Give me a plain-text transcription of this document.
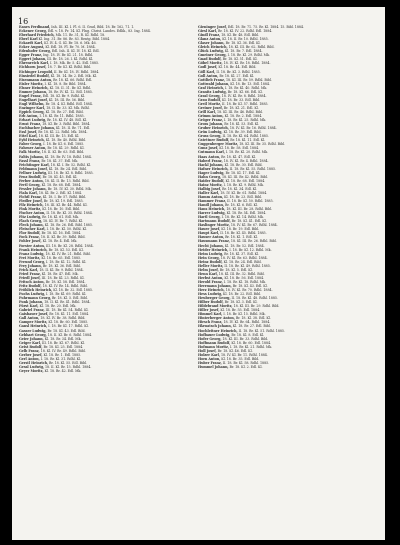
16

Eanes Ferdinand, Inh. III. Kl. I. Fl. 6. II. Grad, Bibl. 18. Br. 162, 71. 1.

Eckener Georg, Edl. v. 18. Pr. 14. Kl. Flng. Christ. Landes. Edlik., 83. Ing. 1884.

Eberhard Friedrich, Mk. 11. Br. 31, R. Kl. Rdhl. 18.

Eberl Karl Kl. Ing. 31. Br. 86. Br. 83. Rentg. Bibl. 1884.

Eckardt Karl, Kl. IV. 4. G. Kl. Br. 18. 6. Mk. 46.

Ecker August, Kl. Edl. 18. Fl. Br. 70. M. 1884.

Edenhofer Georg, Edl. Inh. II. Kl. IV. 18. Kl. Edl.

Egger Franz, Ing. 18. IV. Br. Kl. 21. 18. Rdhl.

Eggert Johann, III. Br. 18. 26. I. Kl. Rdhl. Kl.

Ehrenreich Karl, I. 18. Mk. Br. 5. 42. Edl. 1885.

Eichhorn Josef, 18. 7. Br. Kl. Kl. Rdhl. Bibl.

Eichinger Leopold, II. Br. Kl. 18. IV. Rdhl. 1884.

Einsiedel Rudolf, Kl. 18. 14. Br. 2. Edl. Mk. Kl.

Eisenmann Anton, Br. 18. Kl. 66. Rdhl. Edl.

Eisler Moritz, I. Kl. 18. 8. Br. Bibl. 1884.

Elsner Heinrich, Kl. 18. II. 31. Br. Kl. Rdhl.

Emmer Johann, 18. Br. IV. Kl. 12. Edl. 1885.

Engel Franz, Edl. 18. Kl. Br. 9. Rdhl. Kl.

Engelhart Josef, Kl. 18. III. Br. 56. Bibl.

Engl Wilhelm, Br. 18. 4. Kl. Rdhl. Edl. 1884.

Enzinger Karl, 18. II. Br. 33. Kl. Mk. Rdhl.

Eppich Georg, Kl. 18. Br. 27. Edl. Bibl.

Erb Anton, I. 18. Kl. Br. 11. Rdhl. 1885.

Erhart Ludwig, Br. 18. Kl. IV. 48. Edl. Kl.

Ernst Franz, 18. Kl. Br. 3. Rdhl. Bibl. 1884.

Eschbacher Johann, Kl. 18. II. Br. 71. Edl.

Essl Josef, Br. 18. Kl. 22. Rdhl. Mk. 1884.

Ettel Karl, 18. Kl. III. Br. 15. Edl. Kl.

Eybl Heinrich, Kl. 18. Br. 40. Rdhl. Bibl.

Faber Georg, I. 18. Br. Kl. 6. Edl. 1885.

Fahrner Anton, Br. 18. Kl. 29. Rdhl. Kl.

Falk Moritz, 18. II. Kl. Br. 63. Edl. Bibl.

Faltis Johann, Kl. 18. Br. IV. 18. Rdhl. 1884.

Fassl Franz, Br. 18. Kl. 37. Edl. Mk.

Feichtinger Karl, 18. Kl. I. Br. 52. Rdhl. Kl.

Feldmann Josef, Kl. 18. Br. 24. Edl. Bibl.

Fellner Ludwig, III. 18. Br. Kl. 8. Rdhl. 1885.

Fenz Rudolf, Br. 18. Kl. 45. Edl. Kl.

Ferber Anton, 18. Kl. II. Br. 13. Rdhl. Bibl.

Fertl Georg, Kl. 18. Br. 68. Edl. 1884.

Fessler Johann, Br. 18. IV. Kl. 30. Rdhl. Mk.

Fiala Karl, 18. Kl. Br. 2. Edl. Kl. 1884.

Fichtl Franz, Kl. 18. I. Br. 57. Rdhl. Bibl.

Fiedler Josef, Br. 18. Kl. 19. Edl. 1885.

Filz Heinrich, 18. III. Kl. Br. 44. Rdhl. Kl.

Fink Moritz, Kl. 18. Br. 10. Edl. Bibl.

Fischer Anton, II. 18. Br. Kl. 35. Rdhl. 1884.

Fitz Ludwig, Br. 18. Kl. 61. Edl. Mk.

Flach Georg, 18. Kl. IV. Br. 7. Rdhl. Kl.

Fleck Johann, Kl. 18. Br. 26. Edl. Bibl. 1885.

Fleischer Karl, I. 18. Br. Kl. 50. Rdhl. Kl.

Flor Rudolf, Br. 18. Kl. 16. Edl. 1884.

Fock Franz, 18. II. Kl. Br. 39. Rdhl. Bibl.

Fohler Josef, Kl. 18. Br. 4. Edl. Mk.

Forster Anton, III. 18. Br. Kl. 28. Rdhl. 1884.

Frank Heinrich, Br. 18. Kl. 53. Edl. Kl.

Franz Ludwig, 18. Kl. IV. Br. 21. Rdhl. Bibl.

Frei Moritz, Kl. 18. Br. 65. Edl. 1885.

Freund Georg, I. 18. Br. Kl. 12. Rdhl. Kl.

Frey Johann, Br. 18. Kl. 36. Edl. Bibl.

Frick Karl, 18. II. Kl. Br. 9. Rdhl. 1884.

Fried Franz, Kl. 18. Br. 47. Edl. Mk.

Friedl Josef, III. 18. Br. Kl. 23. Rdhl. Kl.

Fritsch Anton, Br. 18. Kl. 58. Edl. 1884.

Fritz Rudolf, 18. Kl. IV. Br. 14. Rdhl. Bibl.

Fröhlich Heinrich, Kl. 18. Br. 32. Edl. 1885.

Fuchs Ludwig, I. 18. Br. Kl. 69. Rdhl. Kl.

Fuhrmann Georg, Br. 18. Kl. 5. Edl. Bibl.

Funk Johann, 18. II. Kl. Br. 41. Rdhl. 1884.

Fürst Karl, Kl. 18. Br. 20. Edl. Mk.

Gabriel Franz, III. 18. Br. Kl. 54. Rdhl. Kl.

Gaisbauer Josef, Br. 18. Kl. 11. Edl. 1884.

Gall Anton, 18. Kl. IV. Br. 38. Rdhl. Bibl.

Gamper Moritz, Kl. 18. Br. 60. Edl. 1885.

Gansl Heinrich, I. 18. Br. Kl. 17. Rdhl. Kl.

Gasser Ludwig, Br. 18. Kl. 43. Edl. Bibl.

Gebhart Georg, 18. II. Kl. Br. 6. Rdhl. 1884.

Geier Johann, Kl. 18. Br. 34. Edl. Mk.

Geiger Karl, III. 18. Br. Kl. 67. Rdhl. Kl.

Geist Rudolf, Br. 18. Kl. 25. Edl. 1884.

Gelb Franz, 18. Kl. IV. Br. 49. Rdhl. Bibl.

Gerber Josef, Kl. 18. Br. 1. Edl. 1885.

Gerl Anton, I. 18. Br. Kl. 31. Rdhl. Kl.

Gerstl Heinrich, Br. 18. Kl. 55. Edl. Bibl.

Gessl Ludwig, 18. II. Kl. Br. 15. Rdhl. 1884.

Geyer Moritz, Kl. 18. Br. 42. Edl. Mk.

Gieninger Josef, Edl. 18. Br. 71. 75. Br. Kl. 1884. 15. Bibl. 1884.

Giesl Karl, Br. 18. Kl. IV. 22. Rdhl. Edl. 1884.

Gindl Franz, 18. Kl. Br. 48. Edl. Bibl.

Glanz Anton, Kl. 18. II. Br. 10. Rdhl. 1885.

Glaser Johann, Br. 18. Kl. 36. Edl. Kl.

Gleich Heinrich, 18. Kl. III. Br. 62. Rdhl. Bibl.

Glück Ludwig, Kl. 18. Br. 7. Edl. 1884.

Gmeiner Georg, I. 18. Br. Kl. 29. Rdhl. Mk.

Gnad Rudolf, Br. 18. Kl. 51. Edl. Kl.

Göbel Moritz, 18. IV. Kl. Br. 18. Rdhl. 1884.

Godl Josef, Kl. 18. Br. 44. Edl. Bibl.

Göll Karl, II. 18. Br. Kl. 3. Rdhl. 1885.

Goll Anton, Br. 18. Kl. 27. Edl. Kl.

Gottlieb Franz, 18. Kl. III. Br. 59. Rdhl. Bibl.

Gottwald Johann, Kl. 18. Br. 13. Edl. 1884.

Graf Heinrich, I. 18. Br. Kl. 40. Rdhl. Mk.

Granitz Ludwig, Br. 18. Kl. 66. Edl. Kl.

Grasl Georg, 18. IV. Kl. Br. 8. Rdhl. 1884.

Grau Rudolf, Kl. 18. Br. 33. Edl. Bibl.

Greil Moritz, II. 18. Br. Kl. 57. Rdhl. 1885.

Greiner Josef, Br. 18. Kl. 21. Edl. Kl.

Grill Karl, 18. Kl. III. Br. 46. Rdhl. Bibl.

Grimm Anton, Kl. 18. Br. 2. Edl. 1884.

Gröger Franz, I. 18. Br. Kl. 25. Rdhl. Mk.

Gross Johann, Br. 18. Kl. 53. Edl. Kl.

Gruber Heinrich, 18. IV. Kl. Br. 16. Rdhl. 1884.

Grün Ludwig, Kl. 18. Br. 39. Edl. Bibl.

Gruss Georg, II. 18. Br. Kl. 64. Rdhl. 1885.

Gstettner Rudolf, Br. 18. Kl. 11. Edl. Kl.

Guggenberger Moritz, 18. Kl. III. Br. 35. Rdhl. Bibl.

Gunz Josef, Kl. 18. Br. 58. Edl. 1884.

Gutmann Karl, I. 18. Br. Kl. 20. Rdhl. Mk.

Haas Anton, Br. 18. Kl. 47. Edl. Kl.

Haberl Franz, 18. IV. Kl. Br. 4. Rdhl. 1884.

Hackl Johann, Kl. 18. Br. 30. Edl. Bibl.

Hafner Heinrich, II. 18. Br. Kl. 55. Rdhl. 1885.

Hager Ludwig, Br. 18. Kl. 17. Edl. Kl.

Hahn Georg, 18. Kl. III. Br. 42. Rdhl. Bibl.

Haider Rudolf, Kl. 18. Br. 68. Edl. 1884.

Hainz Moritz, I. 18. Br. Kl. 9. Rdhl. Mk.

Halbig Josef, Br. 18. Kl. 34. Edl. Kl.

Haller Karl, 18. IV. Kl. Br. 61. Rdhl. 1884.

Hamm Anton, Kl. 18. Br. 23. Edl. Bibl.

Hammer Franz, II. 18. Br. Kl. 50. Rdhl. 1885.

Handl Johann, Br. 18. Kl. 6. Edl. Kl.

Hans Heinrich, 18. Kl. III. Br. 28. Rdhl. Bibl.

Harrer Ludwig, Kl. 18. Br. 54. Edl. 1884.

Hartl Georg, I. 18. Br. Kl. 14. Rdhl. Mk.

Hartmann Rudolf, Br. 18. Kl. 41. Edl. Kl.

Haslinger Moritz, 18. IV. Kl. Br. 67. Rdhl. 1884.

Hauer Josef, Kl. 18. Br. 19. Edl. Bibl.

Haupt Karl, II. 18. Br. Kl. 45. Rdhl. 1885.

Hauser Anton, Br. 18. Kl. 1. Edl. Kl.

Hausmann Franz, 18. Kl. III. Br. 26. Rdhl. Bibl.

Hecht Johann, Kl. 18. Br. 52. Edl. 1884.

Heider Heinrich, I. 18. Br. Kl. 12. Rdhl. Mk.

Heim Ludwig, Br. 18. Kl. 37. Edl. Kl.

Hein Georg, 18. IV. Kl. Br. 63. Rdhl. 1884.

Heinz Rudolf, Kl. 18. Br. 24. Edl. Bibl.

Heller Moritz, II. 18. Br. Kl. 49. Rdhl. 1885.

Helm Josef, Br. 18. Kl. 5. Edl. Kl.

Henn Karl, 18. Kl. III. Br. 32. Rdhl. Bibl.

Herbst Anton, Kl. 18. Br. 56. Edl. 1884.

Herold Franz, I. 18. Br. Kl. 18. Rdhl. Mk.

Herrmann Johann, Br. 18. Kl. 43. Edl. Kl.

Herz Heinrich, 18. IV. Kl. Br. 70. Rdhl. 1884.

Hess Ludwig, Kl. 18. Br. 22. Edl. Bibl.

Heuberger Georg, II. 18. Br. Kl. 48. Rdhl. 1885.

Hilber Rudolf, Br. 18. Kl. 3. Edl. Kl.

Hildebrand Moritz, 18. Kl. III. Br. 29. Rdhl. Bibl.

Hiller Josef, Kl. 18. Br. 55. Edl. 1884.

Himmel Karl, I. 18. Br. Kl. 15. Rdhl. Mk.

Hinterberger Anton, Br. 18. Kl. 38. Edl. Kl.

Hirsch Franz, 18. IV. Kl. Br. 64. Rdhl. 1884.

Hlawatsch Johann, Kl. 18. Br. 27. Edl. Bibl.

Hochleitner Heinrich, II. 18. Br. Kl. 51. Rdhl. 1885.

Hofbauer Ludwig, Br. 18. Kl. 8. Edl. Kl.

Hofer Georg, 18. Kl. III. Br. 33. Rdhl. Bibl.

Hoffmann Rudolf, Kl. 18. Br. 60. Edl. 1884.

Hofmann Moritz, I. 18. Br. Kl. 21. Rdhl. Mk.

Holl Josef, Br. 18. Kl. 46. Edl. Kl.

Holzer Karl, 18. IV. Kl. Br. 11. Rdhl. 1884.

Horn Anton, Kl. 18. Br. 35. Edl. Bibl.

Huber Franz, II. 18. Br. Kl. 58. Rdhl. 1885.

Hummel Johann, Br. 18. Kl. 2. Edl. Kl.
